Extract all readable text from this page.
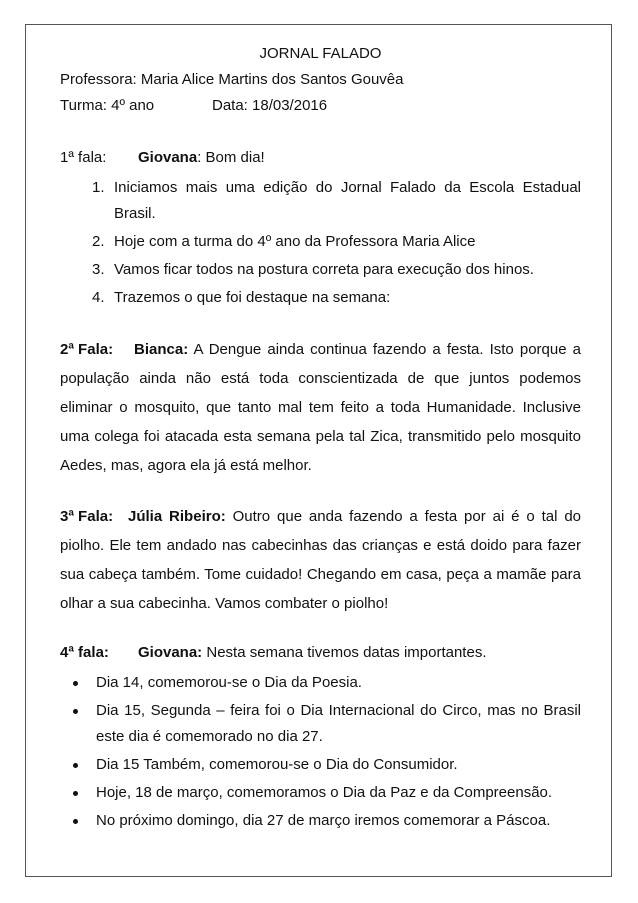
JORNAL FALADO
Professora: Maria Alice Martins dos Santos Gouvêa
Turma: 4º ano	Data: 18/03/2016
1ª fala: Giovana: Bom dia!
1. Iniciamos mais uma edição do Jornal Falado da Escola Estadual Brasil.
2. Hoje com a turma do 4º ano da Professora Maria Alice
3. Vamos ficar todos na postura correta para execução dos hinos.
4. Trazemos o que foi destaque na semana:

2ª Fala: Bianca: A Dengue ainda continua fazendo a festa. Isto porque a população ainda não está toda conscientizada de que juntos podemos eliminar o mosquito, que tanto mal tem feito a toda Humanidade. Inclusive uma colega foi atacada esta semana pela tal Zica, transmitido pelo mosquito Aedes, mas, agora ela já está melhor.

3ª Fala: Júlia Ribeiro: Outro que anda fazendo a festa por ai é o tal do piolho. Ele tem andado nas cabecinhas das crianças e está doido para fazer sua cabeça também. Tome cuidado! Chegando em casa, peça a mamãe para olhar a sua cabecinha. Vamos combater o piolho!

4ª fala: Giovana: Nesta semana tivemos datas importantes.
Dia 14, comemorou-se o Dia da Poesia.
Dia 15, Segunda – feira foi o Dia Internacional do Circo, mas no Brasil este dia é comemorado no dia 27.
Dia 15 Também, comemorou-se o Dia do Consumidor.
Hoje, 18 de março, comemoramos o Dia da Paz e da Compreensão.
No próximo domingo, dia 27 de março iremos comemorar a Páscoa.
